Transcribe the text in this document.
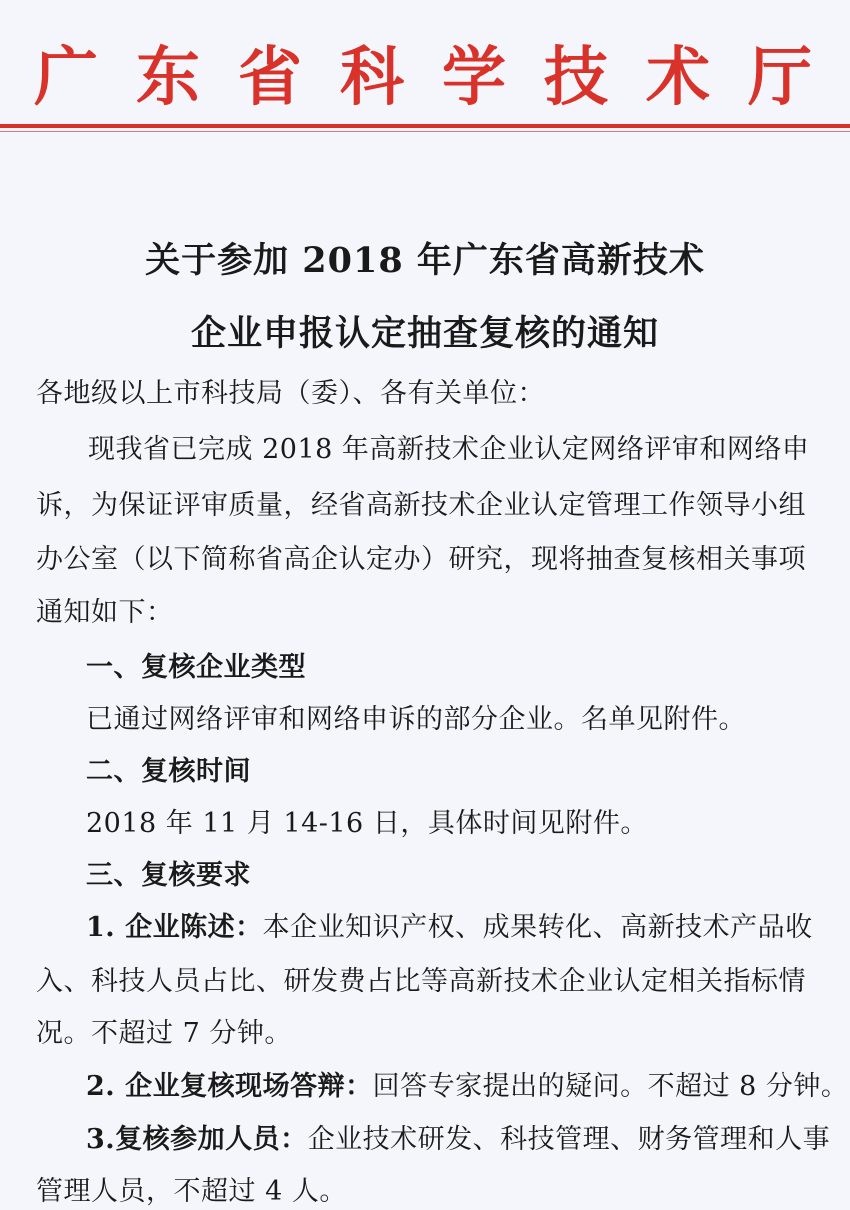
广 东 省 科 学 技 术 厅
关于参加 2018 年广东省高新技术
企业申报认定抽查复核的通知
各地级以上市科技局（委）、各有关单位：
现我省已完成 2018 年高新技术企业认定网络评审和网络申
诉，为保证评审质量，经省高新技术企业认定管理工作领导小组
办公室（以下简称省高企认定办）研究，现将抽查复核相关事项
通知如下：
一、复核企业类型
已通过网络评审和网络申诉的部分企业。名单见附件。
二、复核时间
2018 年 11 月 14-16 日，具体时间见附件。
三、复核要求
1. 企业陈述：本企业知识产权、成果转化、高新技术产品收
入、科技人员占比、研发费占比等高新技术企业认定相关指标情
况。不超过 7 分钟。
2. 企业复核现场答辩：回答专家提出的疑问。不超过 8 分钟。
3.复核参加人员：企业技术研发、科技管理、财务管理和人事
管理人员，不超过 4 人。
